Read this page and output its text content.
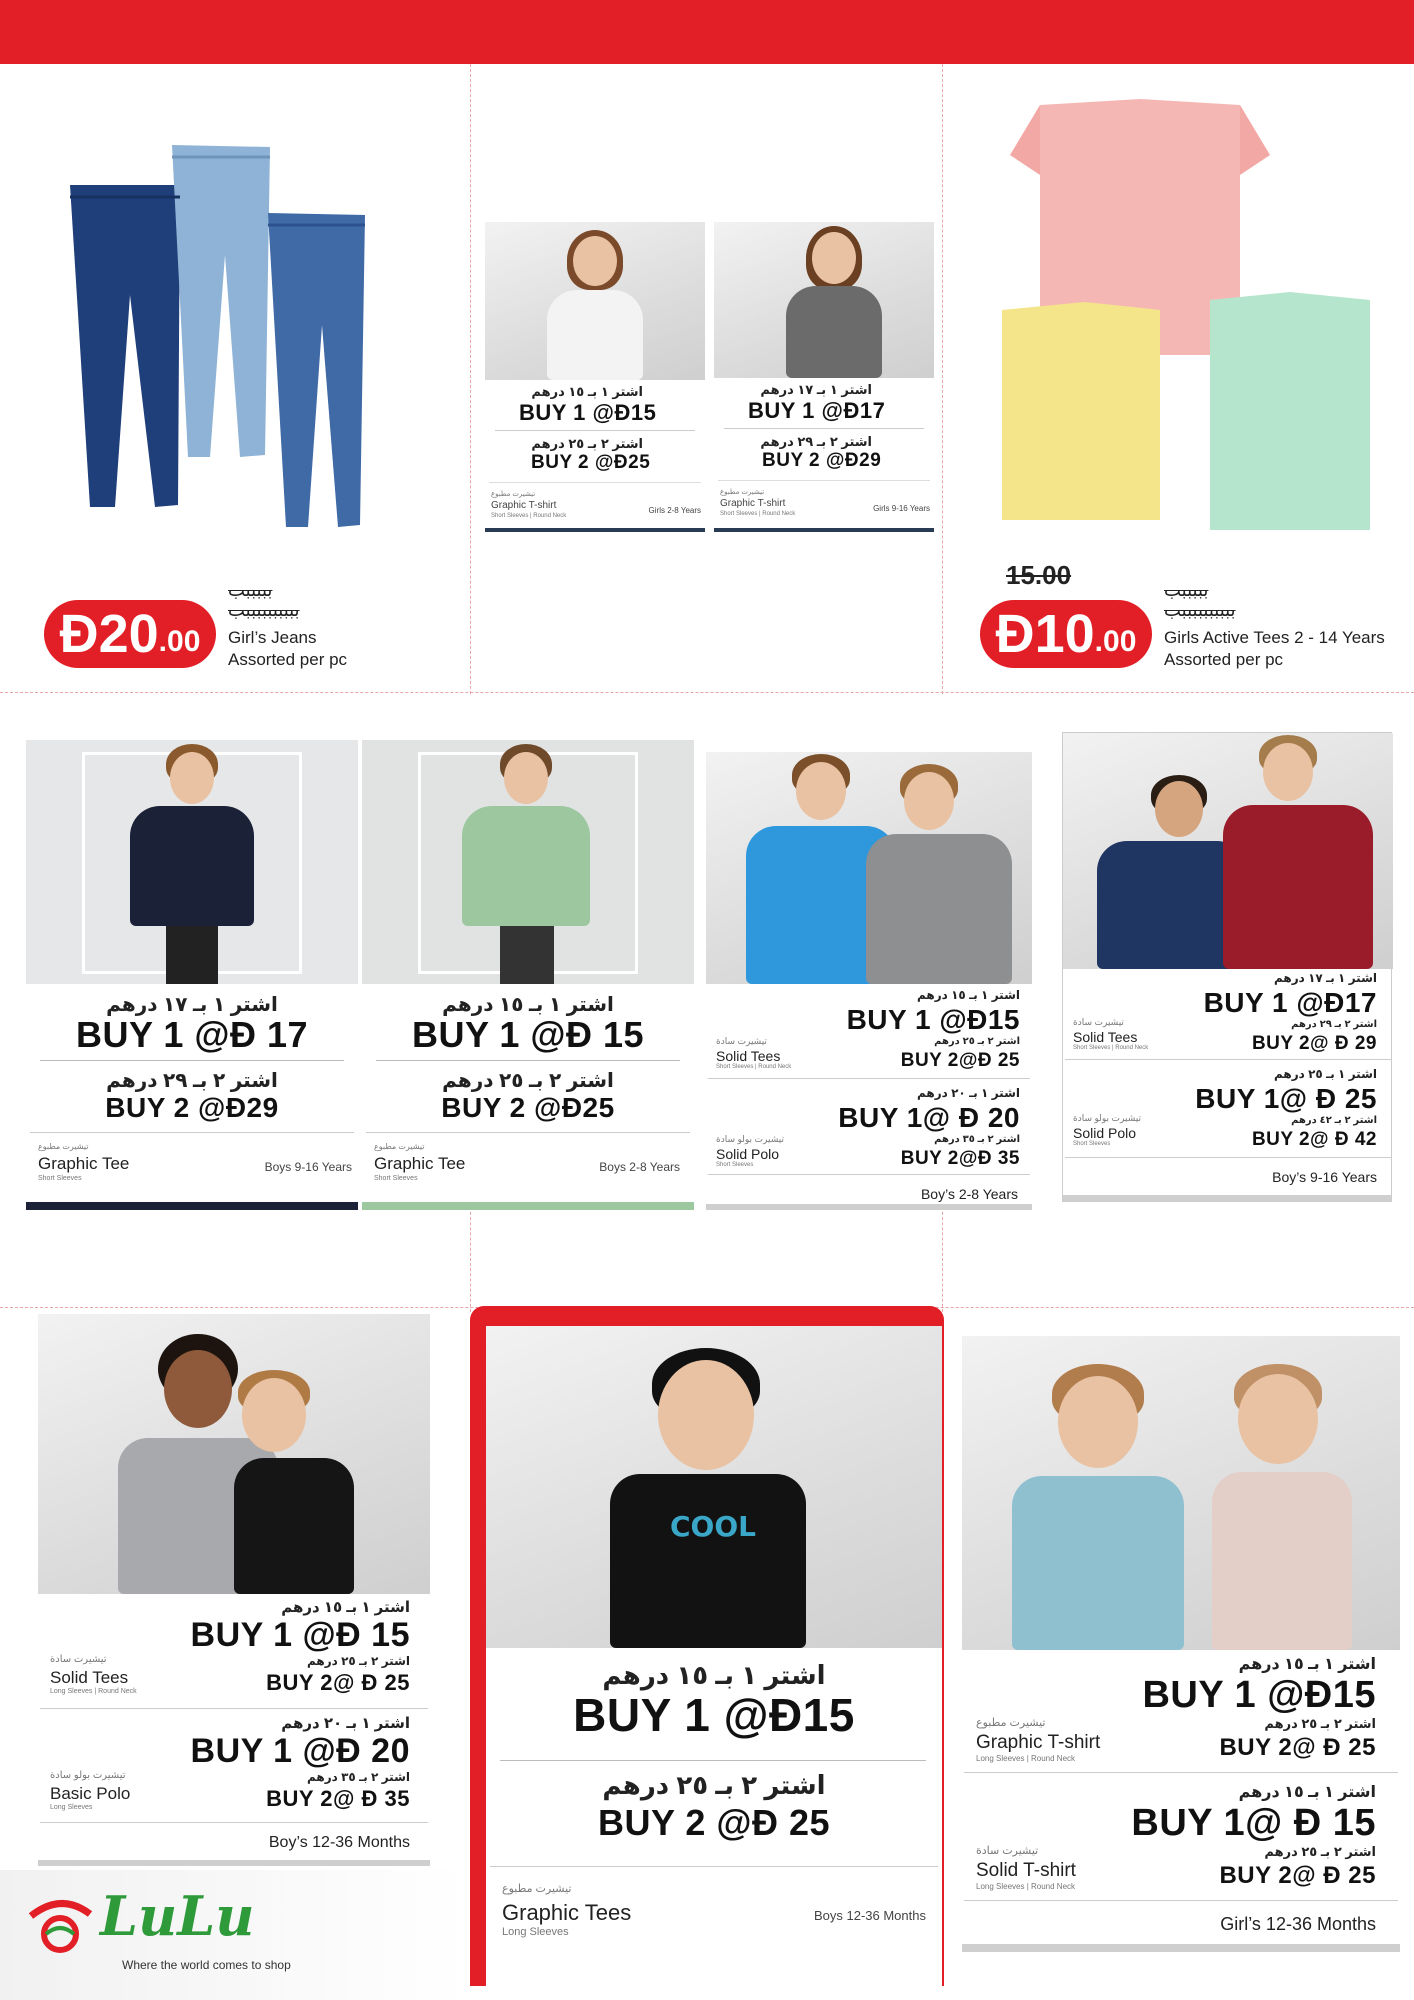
Đ20 .00
بببببب
ببببببببببب
Girl’s Jeans
Assorted per pc
اشتر ١ بـ ١٥ درهم
BUY 1 @Đ15
اشتر ٢ بـ ٢٥ درهم
BUY 2 @Đ25
تيشيرت مطبوع
Graphic T-shirt
Short Sleeves | Round Neck
Girls 2-8 Years
اشتر ١ بـ ١٧ درهم
BUY 1 @Đ17
اشتر ٢ بـ ٢٩ درهم
BUY 2 @Đ29
تيشيرت مطبوع
Graphic T-shirt
Short Sleeves | Round Neck
Girls 9-16 Years
15.00
Đ10 .00
بببببب
ببببببببببب
Girls Active Tees 2 - 14 Years
Assorted per pc
اشتر ١ بـ ١٧ درهم
BUY 1 @Đ 17
اشتر ٢ بـ ٢٩ درهم
BUY 2 @Đ29
تيشيرت مطبوع
Graphic Tee
Short Sleeves
Boys 9-16 Years
اشتر ١ بـ ١٥ درهم
BUY 1 @Đ 15
اشتر ٢ بـ ٢٥ درهم
BUY 2 @Đ25
تيشيرت مطبوع
Graphic Tee
Short Sleeves
Boys 2-8 Years
اشتر ١ بـ ١٥ درهم
BUY 1 @Đ15
اشتر ٢ بـ ٢٥ درهم
BUY 2@Đ 25
تيشيرت سادة
Solid Tees
Short Sleeves | Round Neck
اشتر ١ بـ ٢٠ درهم
BUY 1@ Đ 20
اشتر ٢ بـ ٣٥ درهم
BUY 2@Đ 35
تيشيرت بولو سادة
Solid Polo
Short Sleeves
Boy’s 2-8 Years
اشتر ١ بـ ١٧ درهم
BUY 1 @Đ17
اشتر ٢ بـ ٢٩ درهم
BUY 2@ Đ 29
تيشيرت سادة
Solid Tees
Short Sleeves | Round Neck
اشتر ١ بـ ٢٥ درهم
BUY 1@ Đ 25
اشتر ٢ بـ ٤٢ درهم
BUY 2@ Đ 42
تيشيرت بولو سادة
Solid Polo
Short Sleeves
Boy’s 9-16 Years
اشتر ١ بـ ١٥ درهم
BUY 1 @Đ 15
اشتر ٢ بـ ٢٥ درهم
BUY 2@ Đ 25
تيشيرت سادة
Solid Tees
Long Sleeves | Round Neck
اشتر ١ بـ ٢٠ درهم
BUY 1 @Đ 20
اشتر ٢ بـ ٣٥ درهم
BUY 2@ Đ 35
تيشيرت بولو سادة
Basic Polo
Long Sleeves
Boy’s 12-36 Months
COOL
اشتر ١ بـ ١٥ درهم
BUY 1 @Đ15
اشتر ٢ بـ ٢٥ درهم
BUY 2 @Đ 25
تيشيرت مطبوع
Graphic Tees
Long Sleeves
Boys 12-36 Months
اشتر ١ بـ ١٥ درهم
BUY 1 @Đ15
اشتر ٢ بـ ٢٥ درهم
BUY 2@ Đ 25
تيشيرت مطبوع
Graphic T-shirt
Long Sleeves | Round Neck
اشتر ١ بـ ١٥ درهم
BUY 1@ Đ 15
اشتر ٢ بـ ٢٥ درهم
BUY 2@ Đ 25
تيشيرت سادة
Solid T-shirt
Long Sleeves | Round Neck
Girl’s 12-36 Months
LuLu
Where the world comes to shop
